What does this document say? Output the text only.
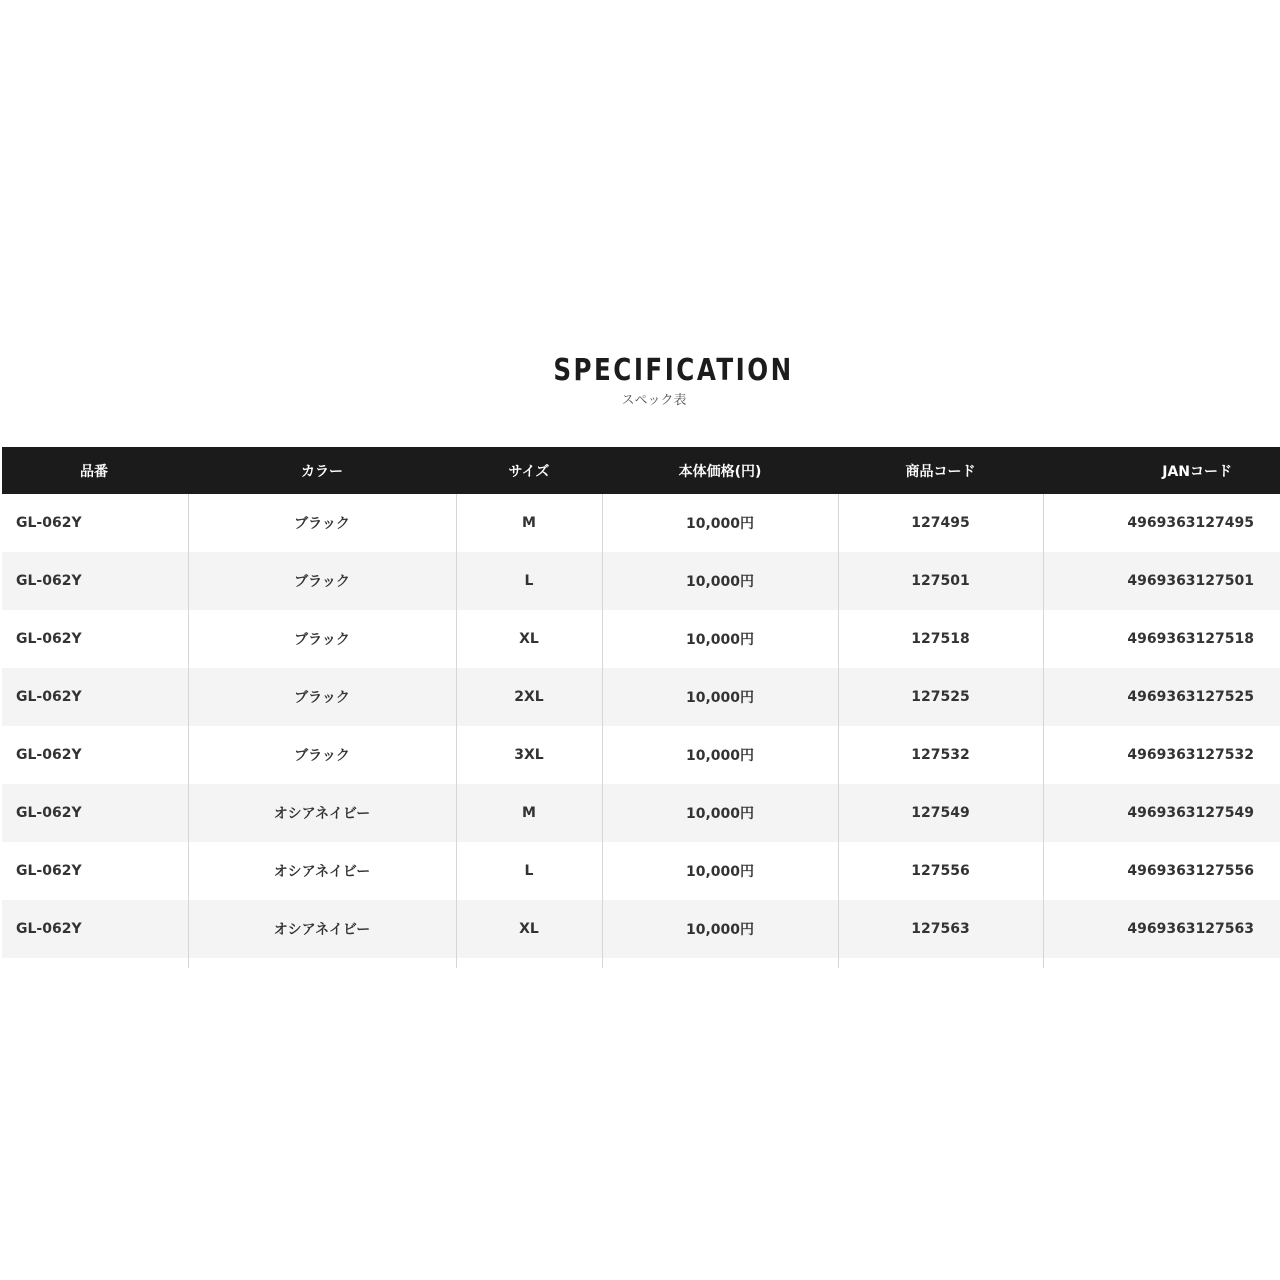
SPECIFICATION
スペック表
品番	カラー	サイズ	本体価格(円)	商品コード	JANコード
GL-062Y	ブラック	M	10,000円	127495	4969363127495
GL-062Y	ブラック	L	10,000円	127501	4969363127501
GL-062Y	ブラック	XL	10,000円	127518	4969363127518
GL-062Y	ブラック	2XL	10,000円	127525	4969363127525
GL-062Y	ブラック	3XL	10,000円	127532	4969363127532
GL-062Y	オシアネイビー	M	10,000円	127549	4969363127549
GL-062Y	オシアネイビー	L	10,000円	127556	4969363127556
GL-062Y	オシアネイビー	XL	10,000円	127563	4969363127563
